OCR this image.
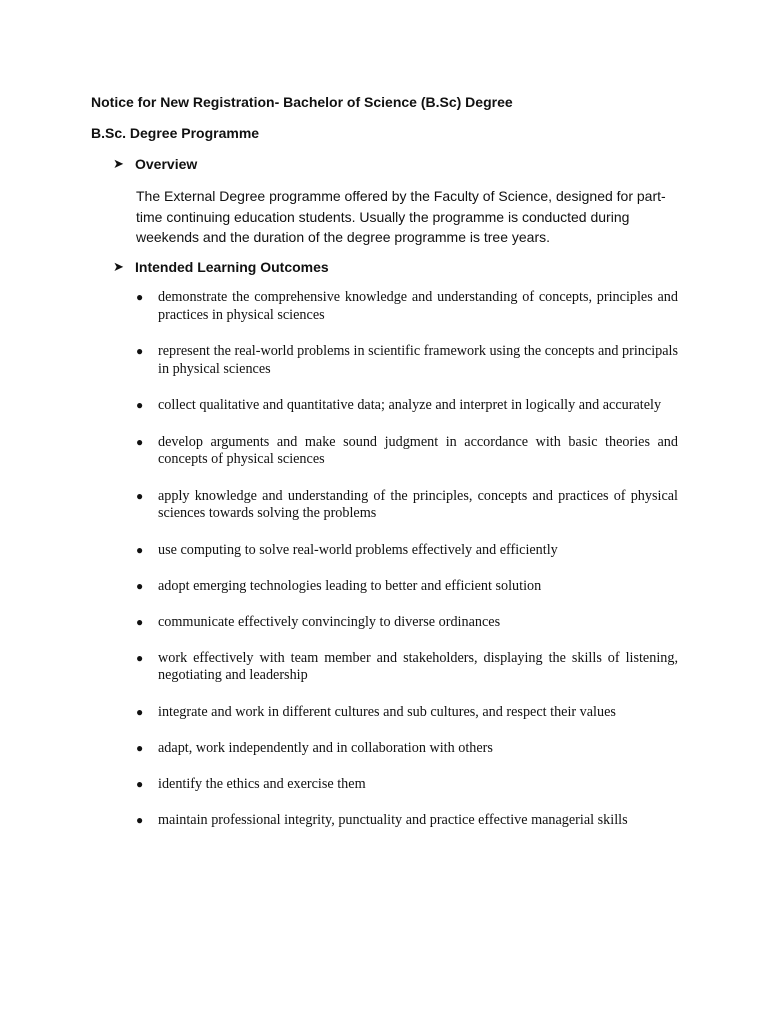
Notice for New Registration- Bachelor of Science (B.Sc) Degree
B.Sc. Degree Programme
➤ Overview
The External Degree programme offered by the Faculty of Science, designed for part-
time continuing education students. Usually the programme is conducted during
weekends and the duration of the degree programme is tree years.
➤ Intended Learning Outcomes
● demonstrate the comprehensive knowledge and understanding of concepts, principles and practices in physical sciences
● represent the real-world problems in scientific framework using the concepts and principals in physical sciences
● collect qualitative and quantitative data; analyze and interpret in logically and accurately
● develop arguments and make sound judgment in accordance with basic theories and concepts of physical sciences
● apply knowledge and understanding of the principles, concepts and practices of physical sciences towards solving the problems
● use computing to solve real-world problems effectively and efficiently
● adopt emerging technologies leading to better and efficient solution
● communicate effectively convincingly to diverse ordinances
● work effectively with team member and stakeholders, displaying the skills of listening, negotiating and leadership
● integrate and work in different cultures and sub cultures, and respect their values
● adapt, work independently and in collaboration with others
● identify the ethics and exercise them
● maintain professional integrity, punctuality and practice effective managerial skills
